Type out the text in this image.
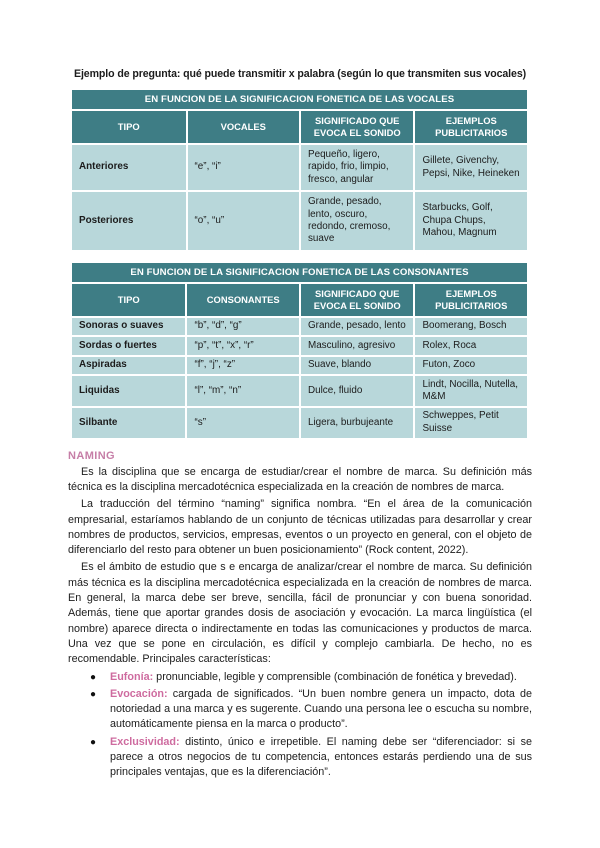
Ejemplo de pregunta: qué puede transmitir x palabra (según lo que transmiten sus vocales)

EN FUNCION DE LA SIGNIFICACION FONETICA DE LAS VOCALES			
TIPO	VOCALES	SIGNIFICADO QUE EVOCA EL SONIDO	EJEMPLOS PUBLICITARIOS
Anteriores	“e”, “i”	Pequeño, ligero, rapido, frio, limpio, fresco, angular	Gillete, Givenchy, Pepsi, Nike, Heineken
Posteriores	“o”, “u”	Grande, pesado, lento, oscuro, redondo, cremoso, suave	Starbucks, Golf, Chupa Chups, Mahou, Magnum
EN FUNCION DE LA SIGNIFICACION FONETICA DE LAS CONSONANTES			
TIPO	CONSONANTES	SIGNIFICADO QUE EVOCA EL SONIDO	EJEMPLOS PUBLICITARIOS
Sonoras o suaves	“b”, “d”, “g”	Grande, pesado, lento	Boomerang, Bosch
Sordas o fuertes	“p”, “t”, “x”, “r”	Masculino, agresivo	Rolex, Roca
Aspiradas	“f”, “j”, “z”	Suave, blando	Futon, Zoco
Liquidas	“l”, “m”, “n”	Dulce, fluido	Lindt, Nocilla, Nutella, M&M
Silbante	“s”	Ligera, burbujeante	Schweppes, Petit Suisse
NAMING

Es la disciplina que se encarga de estudiar/crear el nombre de marca. Su definición más técnica es la disciplina mercadotécnica especializada en la creación de nombres de marca.

La traducción del término “naming” significa nombra. “En el área de la comunicación empresarial, estaríamos hablando de un conjunto de técnicas utilizadas para desarrollar y crear nombres de productos, servicios, empresas, eventos o un proyecto en general, con el objeto de diferenciarlo del resto para obtener un buen posicionamiento” (Rock content, 2022).

Es el ámbito de estudio que s e encarga de analizar/crear el nombre de marca. Su definición más técnica es la disciplina mercadotécnica especializada en la creación de nombres de marca. En general, la marca debe ser breve, sencilla, fácil de pronunciar y con buena sonoridad. Además, tiene que aportar grandes dosis de asociación y evocación. La marca lingüística (el nombre) aparece directa o indirectamente en todas las comunicaciones y productos de marca. Una vez que se pone en circulación, es difícil y complejo cambiarla. De hecho, no es recomendable. Principales características:

● Eufonía: pronunciable, legible y comprensible (combinación de fonética y brevedad).
● Evocación: cargada de significados. “Un buen nombre genera un impacto, dota de notoriedad a una marca y es sugerente. Cuando una persona lee o escucha su nombre, automáticamente piensa en la marca o producto”.
● Exclusividad: distinto, único e irrepetible. El naming debe ser “diferenciador: si se parece a otros negocios de tu competencia, entonces estarás perdiendo una de sus principales ventajas, que es la diferenciación”.
